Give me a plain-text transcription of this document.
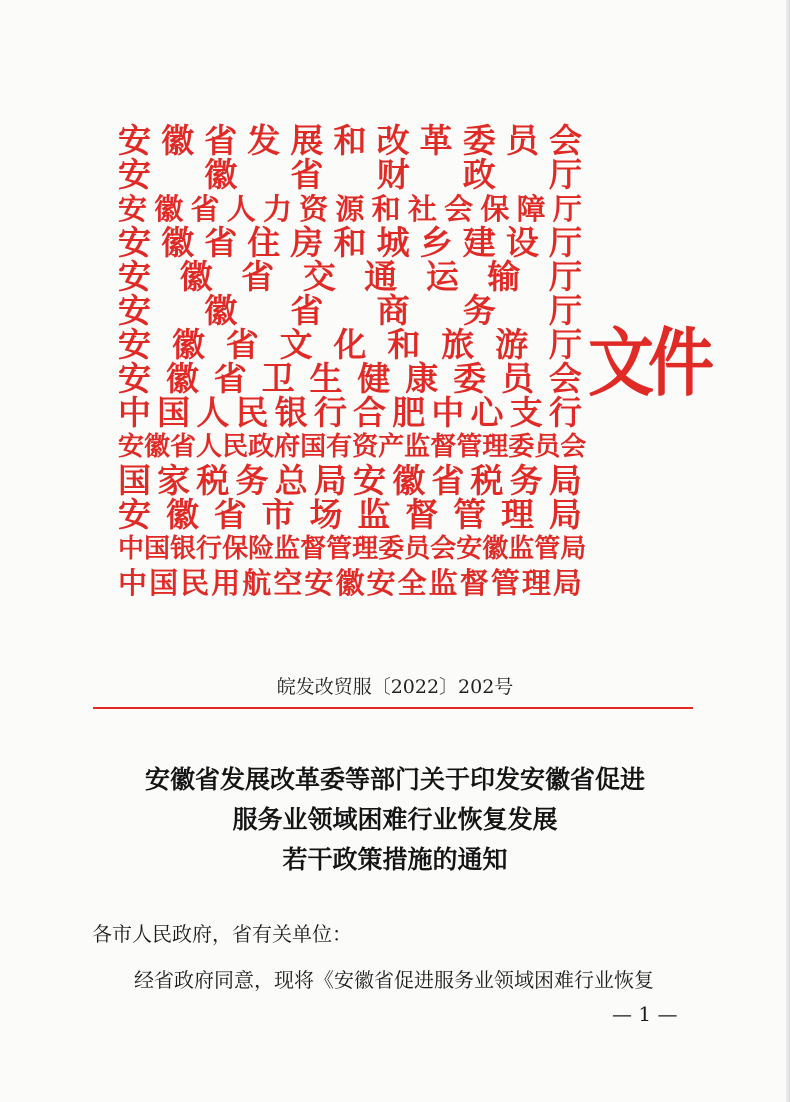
安 徽 省 发 展 和 改 革 委 员 会
安 徽 省 财 政 厅
安 徽 省 人 力 资 源 和 社 会 保 障 厅
安 徽 省 住 房 和 城 乡 建 设 厅
安 徽 省 交 通 运 输 厅
安 徽 省 商 务 厅
安 徽 省 文 化 和 旅 游 厅
安 徽 省 卫 生 健 康 委 员 会
中 国 人 民 银 行 合 肥 中 心 支 行
安 徽 省 人 民 政 府 国 有 资 产 监 督 管 理 委 员 会
国 家 税 务 总 局 安 徽 省 税 务 局
安 徽 省 市 场 监 督 管 理 局
中 国 银 行 保 险 监 督 管 理 委 员 会 安 徽 监 管 局
中 国 民 用 航 空 安 徽 安 全 监 督 管 理 局
文件
皖发改贸服〔2022〕202号
安徽省发展改革委等部门关于印发安徽省促进
服务业领域困难行业恢复发展
若干政策措施的通知
各市人民政府，省有关单位：
经省政府同意，现将《安徽省促进服务业领域困难行业恢复
— 1 —
